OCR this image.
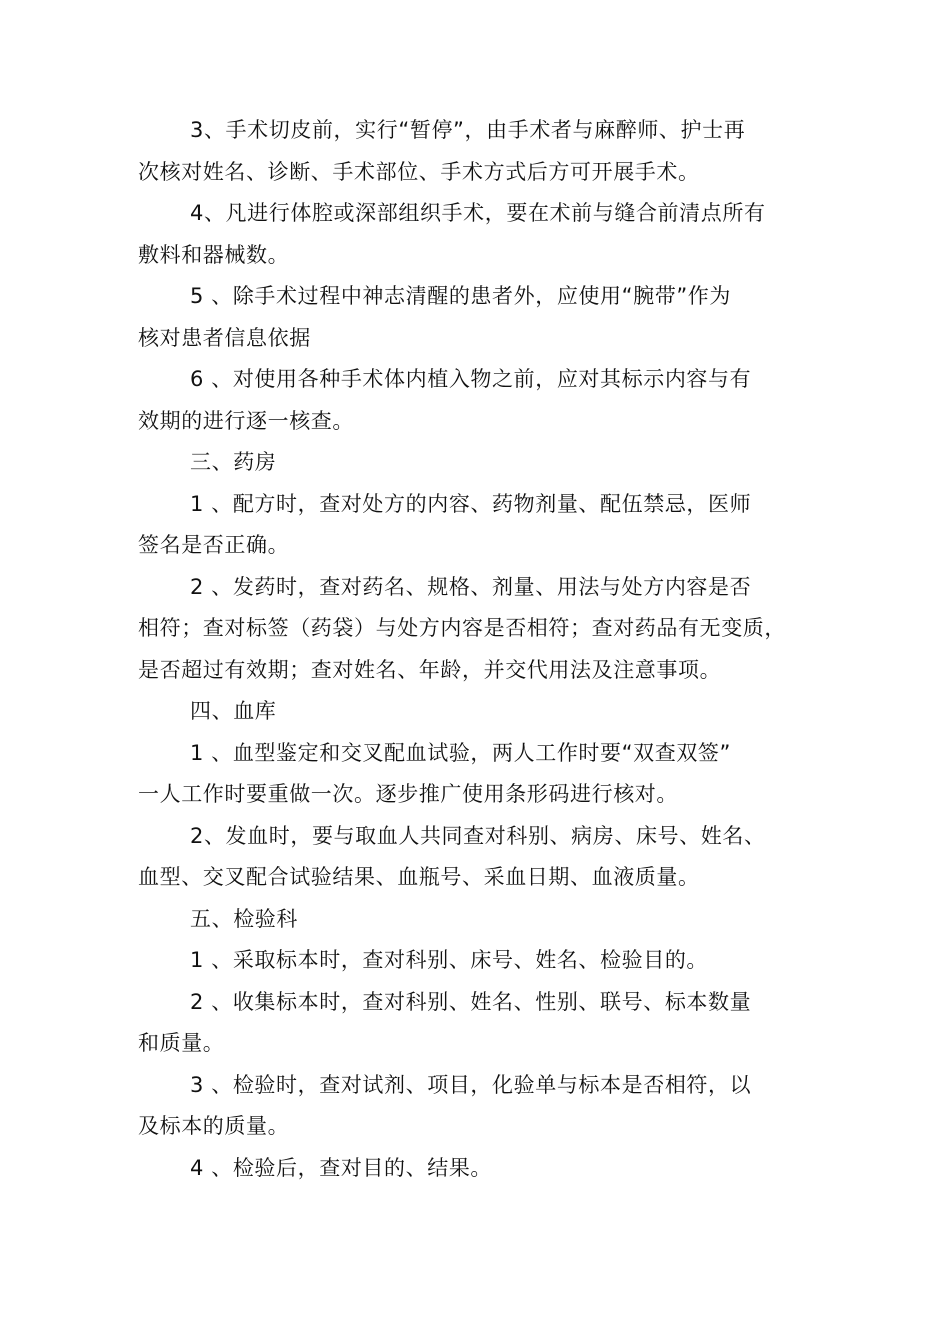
3、手术切皮前，实行“暂停”，由手术者与麻醉师、护士再
次核对姓名、诊断、手术部位、手术方式后方可开展手术。
4、凡进行体腔或深部组织手术，要在术前与缝合前清点所有
敷料和器械数。
5 、除手术过程中神志清醒的患者外，应使用“腕带”作为
核对患者信息依据
6 、对使用各种手术体内植入物之前，应对其标示内容与有
效期的进行逐一核查。
三、药房
1 、配方时，查对处方的内容、药物剂量、配伍禁忌，医师
签名是否正确。
2 、发药时，查对药名、规格、剂量、用法与处方内容是否
相符；查对标签（药袋）与处方内容是否相符；查对药品有无变质，
是否超过有效期；查对姓名、年龄，并交代用法及注意事项。
四、血库
1 、血型鉴定和交叉配血试验，两人工作时要“双查双签”
一人工作时要重做一次。逐步推广使用条形码进行核对。
2、发血时，要与取血人共同查对科别、病房、床号、姓名、
血型、交叉配合试验结果、血瓶号、采血日期、血液质量。
五、检验科
1 、采取标本时，查对科别、床号、姓名、检验目的。
2 、收集标本时，查对科别、姓名、性别、联号、标本数量
和质量。
3 、检验时，查对试剂、项目，化验单与标本是否相符，以
及标本的质量。
4 、检验后，查对目的、结果。
